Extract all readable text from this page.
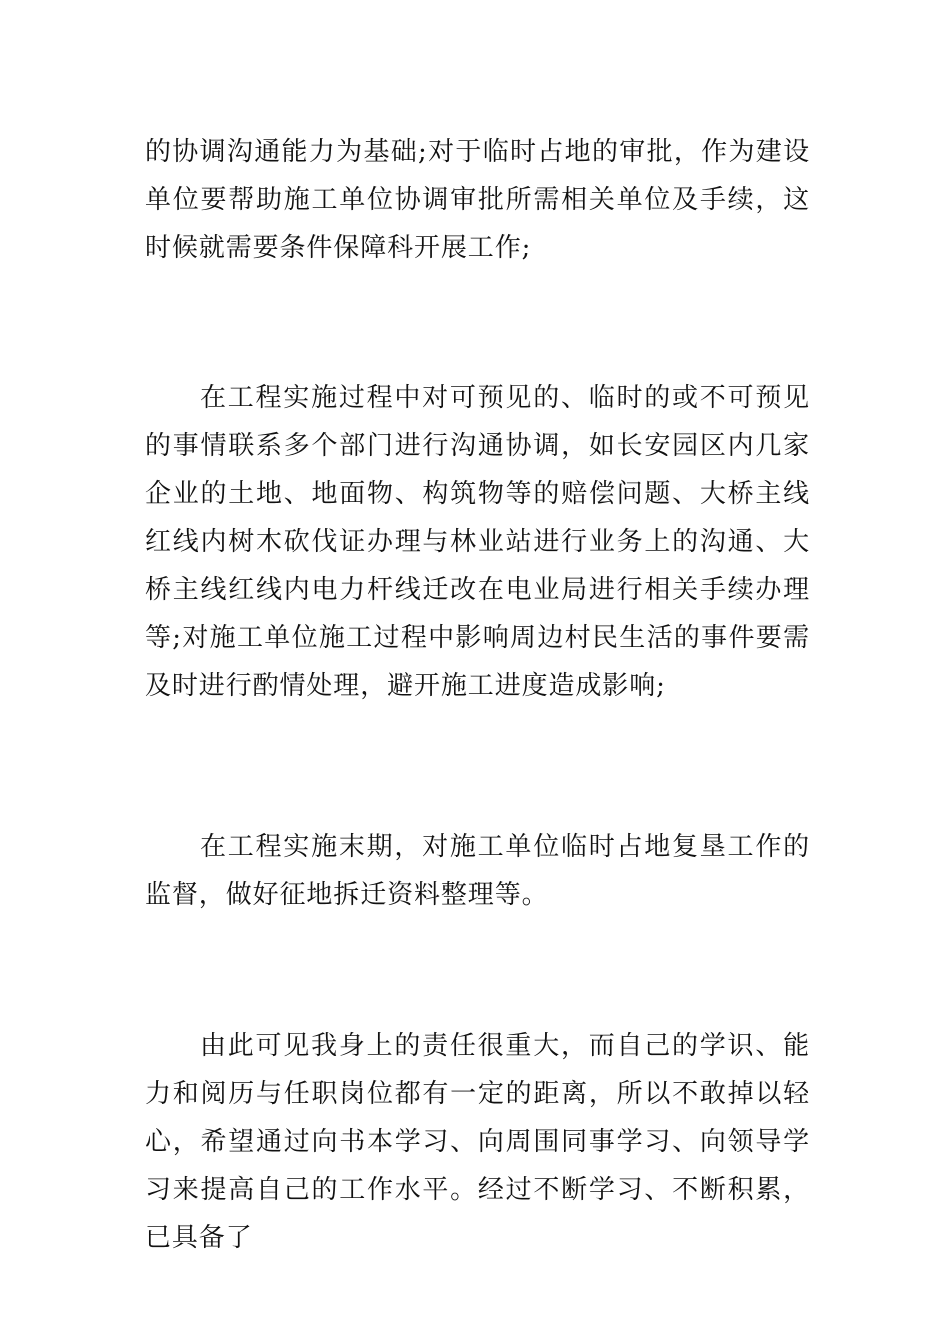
的协调沟通能力为基础;对于临时占地的审批，作为建设单位要帮助施工单位协调审批所需相关单位及手续，这时候就需要条件保障科开展工作;

在工程实施过程中对可预见的、临时的或不可预见的事情联系多个部门进行沟通协调，如长安园区内几家企业的土地、地面物、构筑物等的赔偿问题、大桥主线红线内树木砍伐证办理与林业站进行业务上的沟通、大桥主线红线内电力杆线迁改在电业局进行相关手续办理等;对施工单位施工过程中影响周边村民生活的事件要需及时进行酌情处理，避开施工进度造成影响;

在工程实施末期，对施工单位临时占地复垦工作的监督，做好征地拆迁资料整理等。

由此可见我身上的责任很重大，而自己的学识、能力和阅历与任职岗位都有一定的距离，所以不敢掉以轻心，希望通过向书本学习、向周围同事学习、向领导学习来提高自己的工作水平。经过不断学习、不断积累，已具备了
